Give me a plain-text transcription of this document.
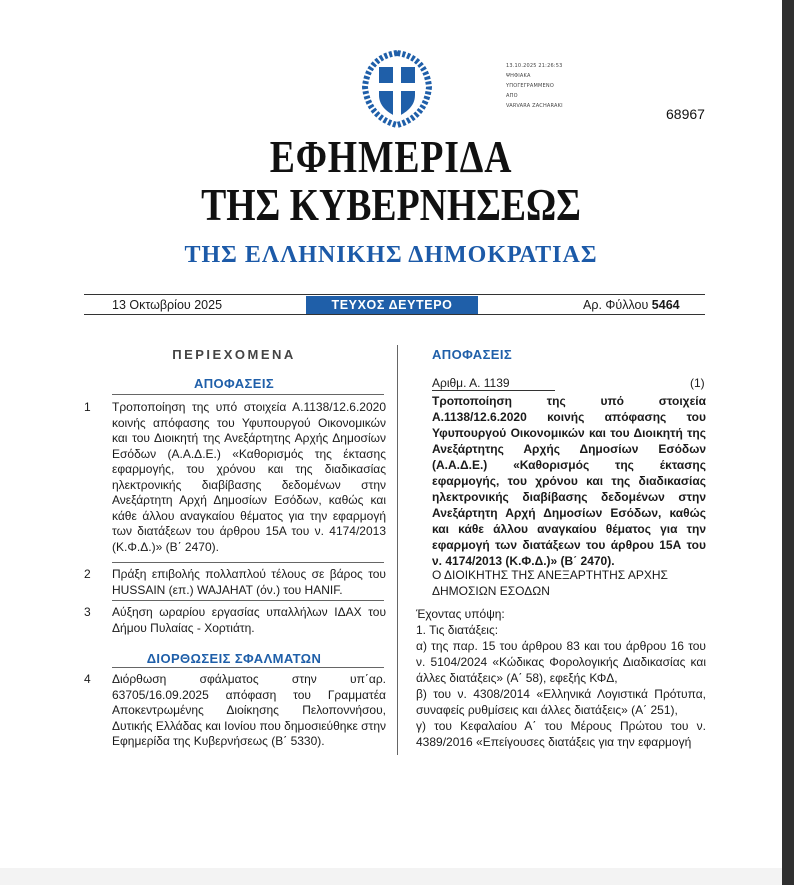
13.10.2025 21:26:53
ΨΗΦΙΑΚΑ
ΥΠΟΓΕΓΡΑΜΜΕΝΟ
ΑΠΟ
VARVARA ZACHARAKI	68967
ΕΦΗΜΕΡΙΔΑ
ΤΗΣ ΚΥΒΕΡΝΗΣΕΩΣ
ΤΗΣ ΕΛΛΗΝΙΚΗΣ ΔΗΜΟΚΡΑΤΙΑΣ
13 Οκτωβρίου 2025	ΤΕΥΧΟΣ ΔΕΥΤΕΡΟ	Αρ. Φύλλου 5464
ΠΕΡΙΕΧΟΜΕΝΑ
ΑΠΟΦΑΣΕΙΣ
1	Τροποποίηση της υπό στοιχεία Α.1138/12.6.2020 κοινής απόφασης του Υφυπουργού Οικονομικών και του Διοικητή της Ανεξάρτητης Αρχής Δημοσίων Εσόδων (Α.Α.Δ.Ε.) «Καθορισμός της έκτασης εφαρμογής, του χρόνου και της διαδικασίας ηλεκτρονικής διαβίβασης δεδομένων στην Ανεξάρτητη Αρχή Δημοσίων Εσόδων, καθώς και κάθε άλλου αναγκαίου θέματος για την εφαρμογή των διατάξεων του άρθρου 15Α του ν. 4174/2013 (Κ.Φ.Δ.)» (Β΄ 2470).
2	Πράξη επιβολής πολλαπλού τέλους σε βάρος του HUSSAIN (επ.) WAJAHAT (όν.) του HANIF.
3	Αύξηση ωραρίου εργασίας υπαλλήλων ΙΔΑΧ του Δήμου Πυλαίας - Χορτιάτη.
ΔΙΟΡΘΩΣΕΙΣ ΣΦΑΛΜΑΤΩΝ
4	Διόρθωση σφάλματος στην υπ΄αρ. 63705/16.09.2025 απόφαση του Γραμματέα Αποκεντρωμένης Διοίκησης Πελοποννήσου, Δυτικής Ελλάδας και Ιονίου που δημοσιεύθηκε στην Εφημερίδα της Κυβερνήσεως (Β΄ 5330).
ΑΠΟΦΑΣΕΙΣ
Αριθμ. Α. 1139	(1)
Τροποποίηση της υπό στοιχεία Α.1138/12.6.2020 κοινής απόφασης του Υφυπουργού Οικονομικών και του Διοικητή της Ανεξάρτητης Αρχής Δημοσίων Εσόδων (Α.Α.Δ.Ε.) «Καθορισμός της έκτασης εφαρμογής, του χρόνου και της διαδικασίας ηλεκτρονικής διαβίβασης δεδομένων στην Ανεξάρτητη Αρχή Δημοσίων Εσόδων, καθώς και κάθε άλλου αναγκαίου θέματος για την εφαρμογή των διατάξεων του άρθρου 15Α του ν. 4174/2013 (Κ.Φ.Δ.)» (Β΄ 2470).
Ο ΔΙΟΙΚΗΤΗΣ ΤΗΣ ΑΝΕΞΑΡΤΗΤΗΣ ΑΡΧΗΣ ΔΗΜΟΣΙΩΝ ΕΣΟΔΩΝ
Έχοντας υπόψη:
1. Τις διατάξεις:
α) της παρ. 15 του άρθρου 83 και του άρθρου 16 του ν. 5104/2024 «Κώδικας Φορολογικής Διαδικασίας και άλλες διατάξεις» (Α΄ 58), εφεξής ΚΦΔ,
β) του ν. 4308/2014 «Ελληνικά Λογιστικά Πρότυπα, συναφείς ρυθμίσεις και άλλες διατάξεις» (Α΄ 251),
γ) του Κεφαλαίου Α΄ του Μέρους Πρώτου του ν. 4389/2016 «Επείγουσες διατάξεις για την εφαρμογή
